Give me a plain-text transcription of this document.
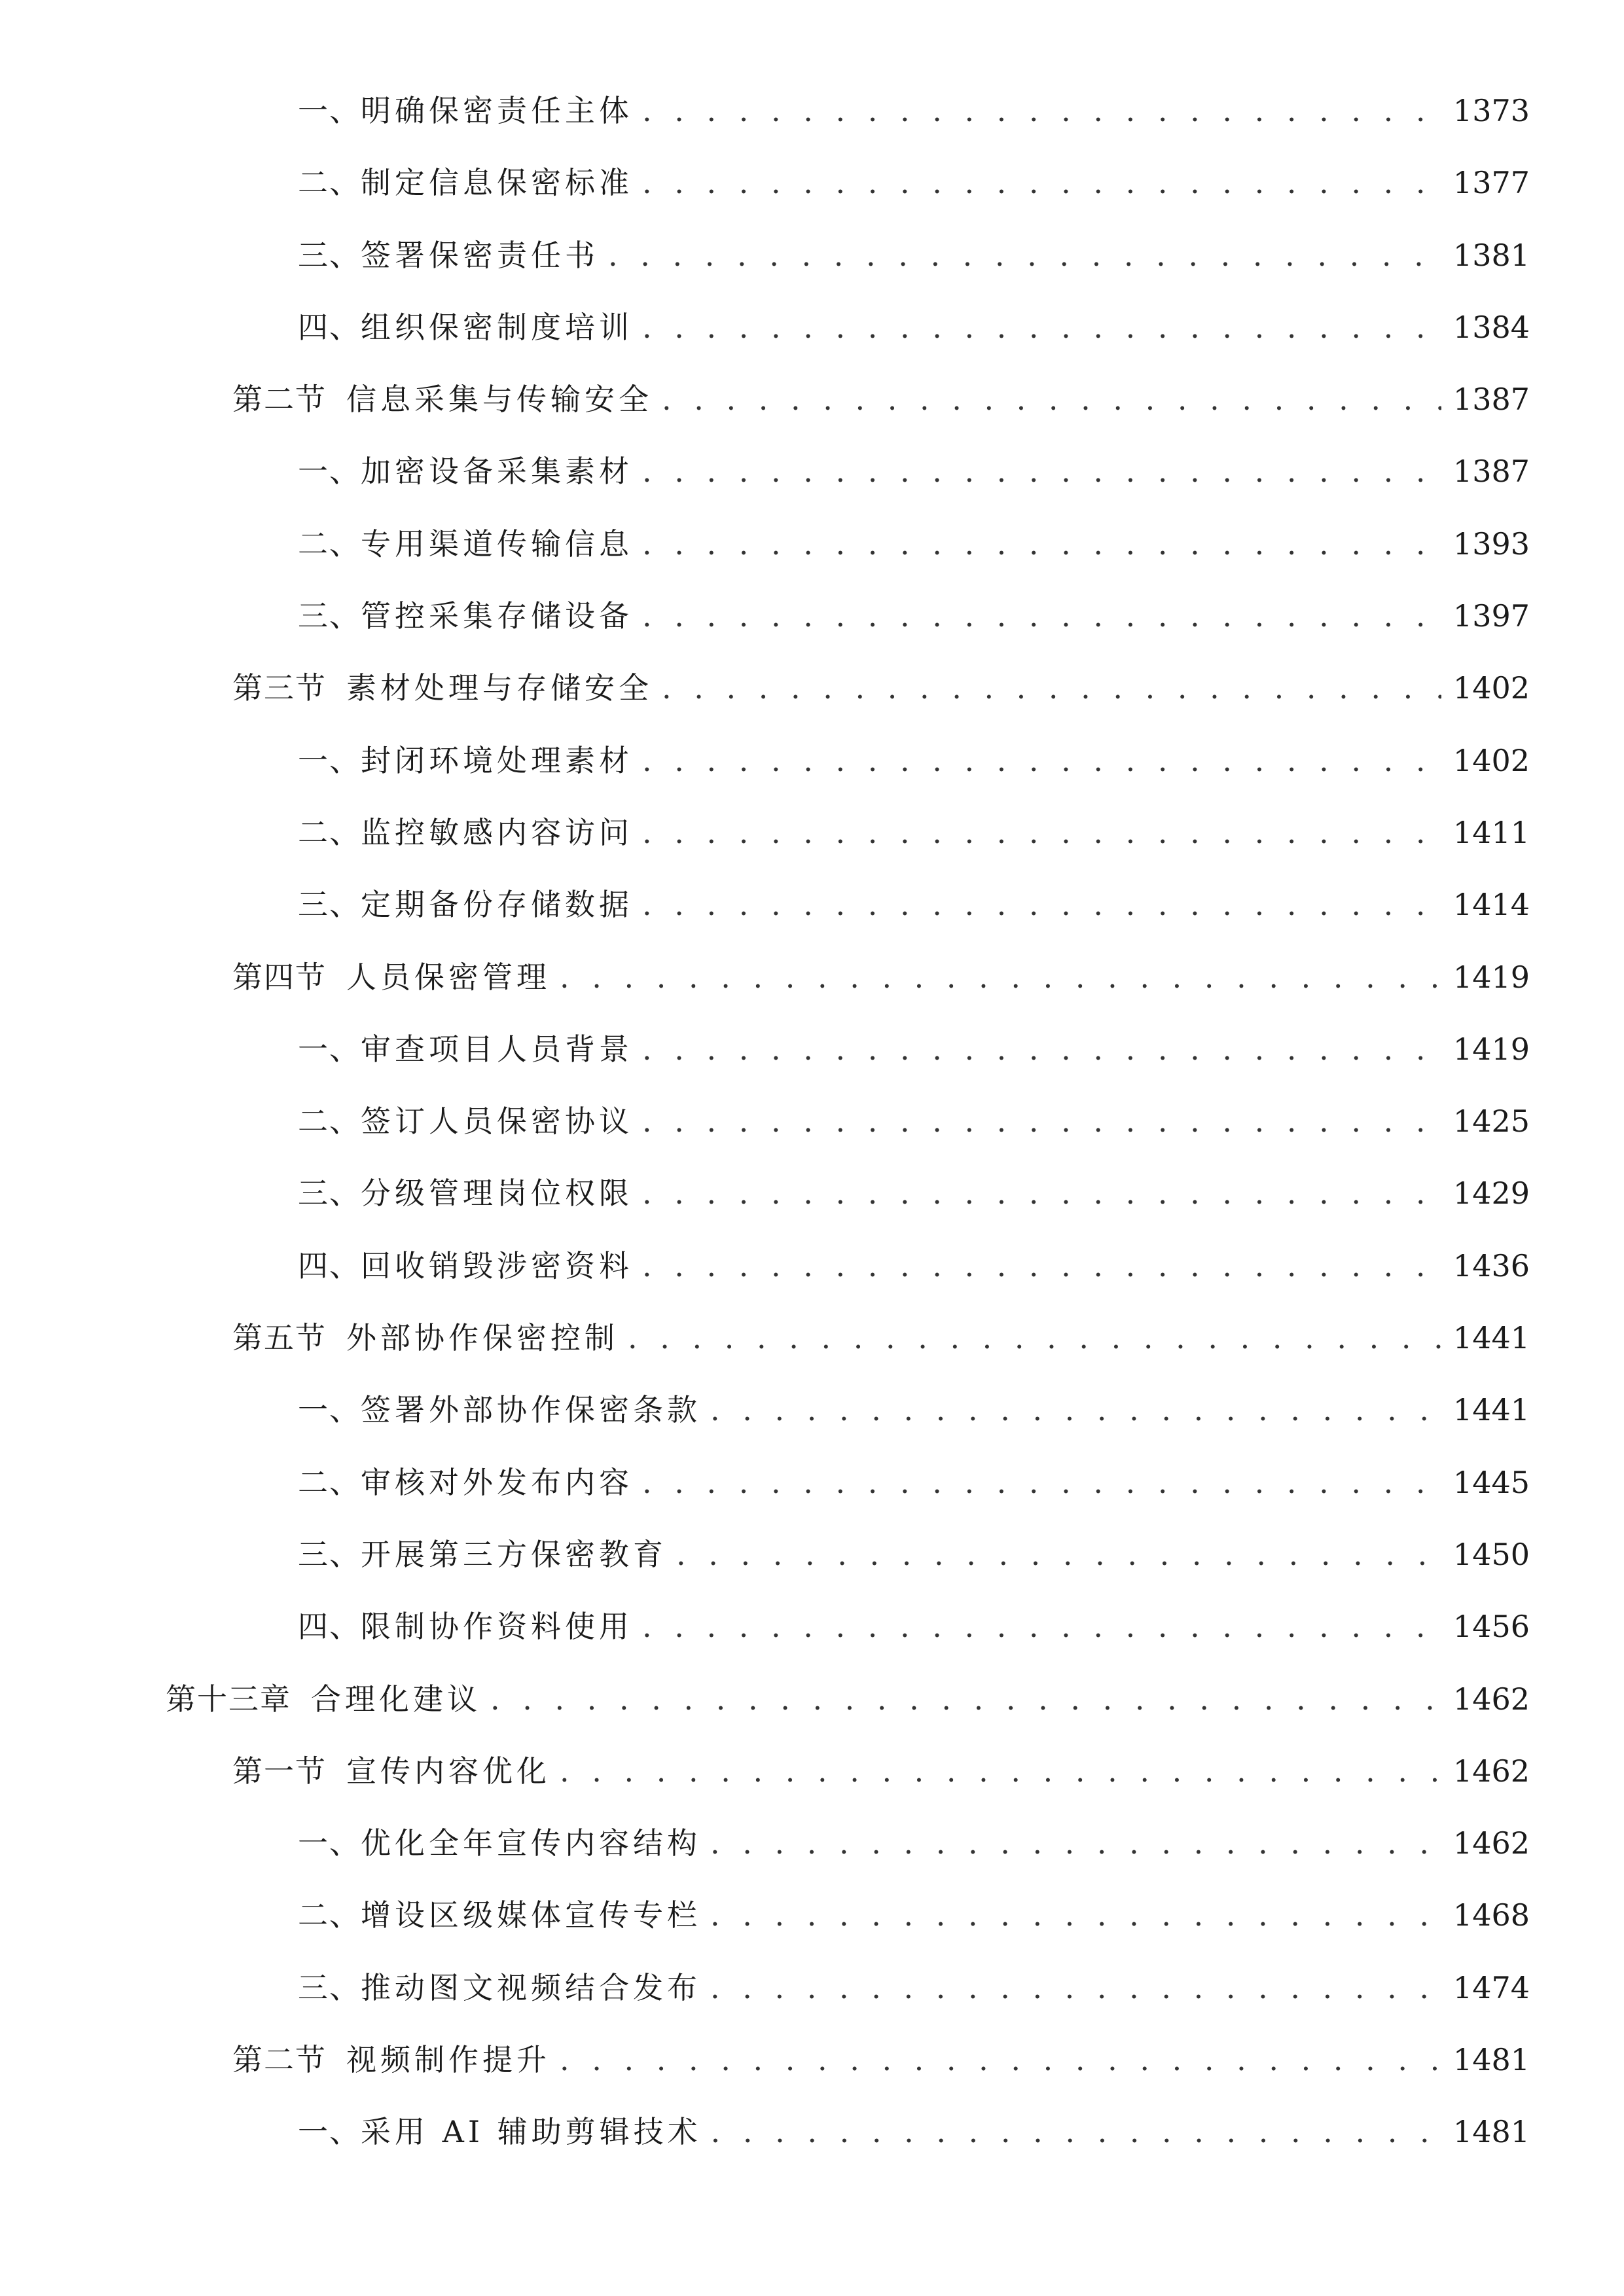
一、 明确保密责任主体 . . .	1373
二、 制定信息保密标准 . . .	1377
三、 签署保密责任书 . . .	1381
四、 组织保密制度培训 . . .	1384
第二节 信息采集与传输安全 . . .	1387
一、 加密设备采集素材 . . .	1387
二、 专用渠道传输信息 . . .	1393
三、 管控采集存储设备 . . .	1397
第三节 素材处理与存储安全 . . .	1402
一、 封闭环境处理素材 . . .	1402
二、 监控敏感内容访问 . . .	1411
三、 定期备份存储数据 . . .	1414
第四节 人员保密管理 . . .	1419
一、 审查项目人员背景 . . .	1419
二、 签订人员保密协议 . . .	1425
三、 分级管理岗位权限 . . .	1429
四、 回收销毁涉密资料 . . .	1436
第五节 外部协作保密控制 . . .	1441
一、 签署外部协作保密条款 . . .	1441
二、 审核对外发布内容 . . .	1445
三、 开展第三方保密教育 . . .	1450
四、 限制协作资料使用 . . .	1456
第十三章 合理化建议 . . .	1462
第一节 宣传内容优化 . . .	1462
一、 优化全年宣传内容结构 . . .	1462
二、 增设区级媒体宣传专栏 . . .	1468
三、 推动图文视频结合发布 . . .	1474
第二节 视频制作提升 . . .	1481
一、 采用 AI 辅助剪辑技术 . . .	1481
